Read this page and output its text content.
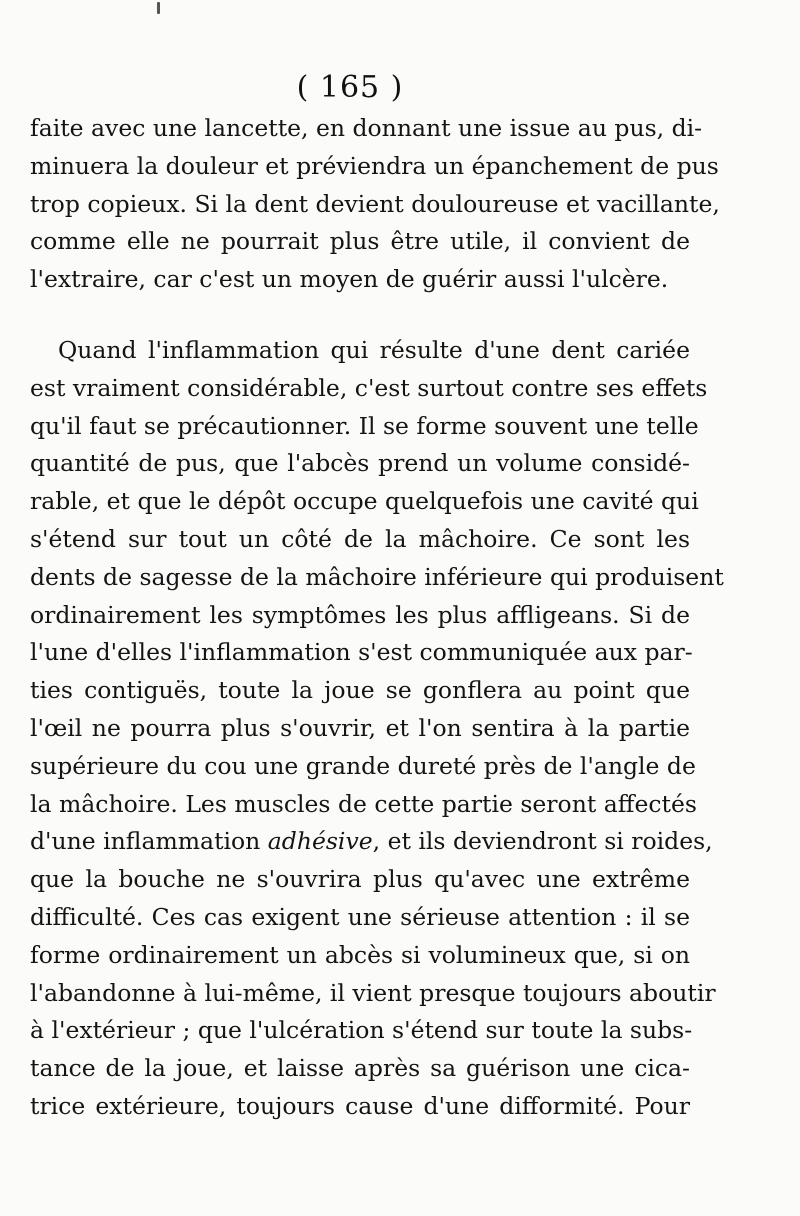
( 165 )
faite avec une lancette, en donnant une issue au pus, di-
minuera la douleur et préviendra un épanchement de pus
trop copieux. Si la dent devient douloureuse et vacillante,
comme elle ne pourrait plus être utile, il convient de
l'extraire, car c'est un moyen de guérir aussi l'ulcère.
Quand l'inflammation qui résulte d'une dent cariée
est vraiment considérable, c'est surtout contre ses effets
qu'il faut se précautionner. Il se forme souvent une telle
quantité de pus, que l'abcès prend un volume considé-
rable, et que le dépôt occupe quelquefois une cavité qui
s'étend sur tout un côté de la mâchoire. Ce sont les
dents de sagesse de la mâchoire inférieure qui produisent
ordinairement les symptômes les plus affligeans. Si de
l'une d'elles l'inflammation s'est communiquée aux par-
ties contiguës, toute la joue se gonflera au point que
l'œil ne pourra plus s'ouvrir, et l'on sentira à la partie
supérieure du cou une grande dureté près de l'angle de
la mâchoire. Les muscles de cette partie seront affectés
d'une inflammation adhésive, et ils deviendront si roides,
que la bouche ne s'ouvrira plus qu'avec une extrême
difficulté. Ces cas exigent une sérieuse attention : il se
forme ordinairement un abcès si volumineux que, si on
l'abandonne à lui-même, il vient presque toujours aboutir
à l'extérieur ; que l'ulcération s'étend sur toute la subs-
tance de la joue, et laisse après sa guérison une cica-
trice extérieure, toujours cause d'une difformité. Pour
